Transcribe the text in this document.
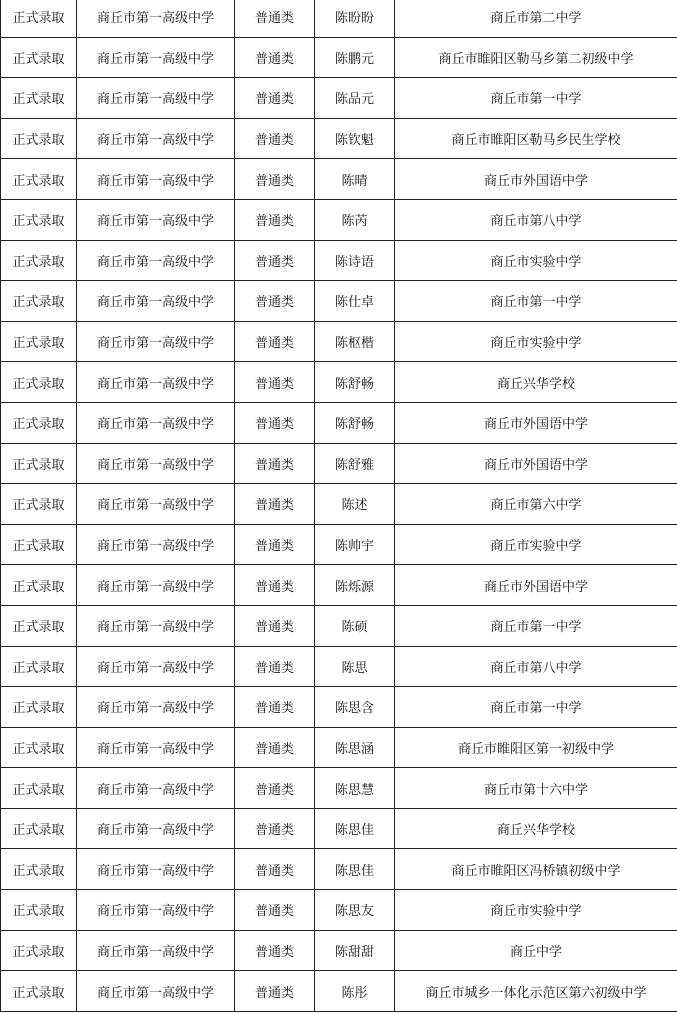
正式录取	商丘市第一高级中学	普通类	陈盼盼	商丘市第二中学
正式录取	商丘市第一高级中学	普通类	陈鹏元	商丘市睢阳区勒马乡第二初级中学
正式录取	商丘市第一高级中学	普通类	陈品元	商丘市第一中学
正式录取	商丘市第一高级中学	普通类	陈钦魁	商丘市睢阳区勒马乡民生学校
正式录取	商丘市第一高级中学	普通类	陈晴	商丘市外国语中学
正式录取	商丘市第一高级中学	普通类	陈芮	商丘市第八中学
正式录取	商丘市第一高级中学	普通类	陈诗语	商丘市实验中学
正式录取	商丘市第一高级中学	普通类	陈仕卓	商丘市第一中学
正式录取	商丘市第一高级中学	普通类	陈枢楷	商丘市实验中学
正式录取	商丘市第一高级中学	普通类	陈舒畅	商丘兴华学校
正式录取	商丘市第一高级中学	普通类	陈舒畅	商丘市外国语中学
正式录取	商丘市第一高级中学	普通类	陈舒雅	商丘市外国语中学
正式录取	商丘市第一高级中学	普通类	陈述	商丘市第六中学
正式录取	商丘市第一高级中学	普通类	陈帅宇	商丘市实验中学
正式录取	商丘市第一高级中学	普通类	陈烁源	商丘市外国语中学
正式录取	商丘市第一高级中学	普通类	陈硕	商丘市第一中学
正式录取	商丘市第一高级中学	普通类	陈思	商丘市第八中学
正式录取	商丘市第一高级中学	普通类	陈思含	商丘市第一中学
正式录取	商丘市第一高级中学	普通类	陈思涵	商丘市睢阳区第一初级中学
正式录取	商丘市第一高级中学	普通类	陈思慧	商丘市第十六中学
正式录取	商丘市第一高级中学	普通类	陈思佳	商丘兴华学校
正式录取	商丘市第一高级中学	普通类	陈思佳	商丘市睢阳区冯桥镇初级中学
正式录取	商丘市第一高级中学	普通类	陈思友	商丘市实验中学
正式录取	商丘市第一高级中学	普通类	陈甜甜	商丘中学
正式录取	商丘市第一高级中学	普通类	陈彤	商丘市城乡一体化示范区第六初级中学
